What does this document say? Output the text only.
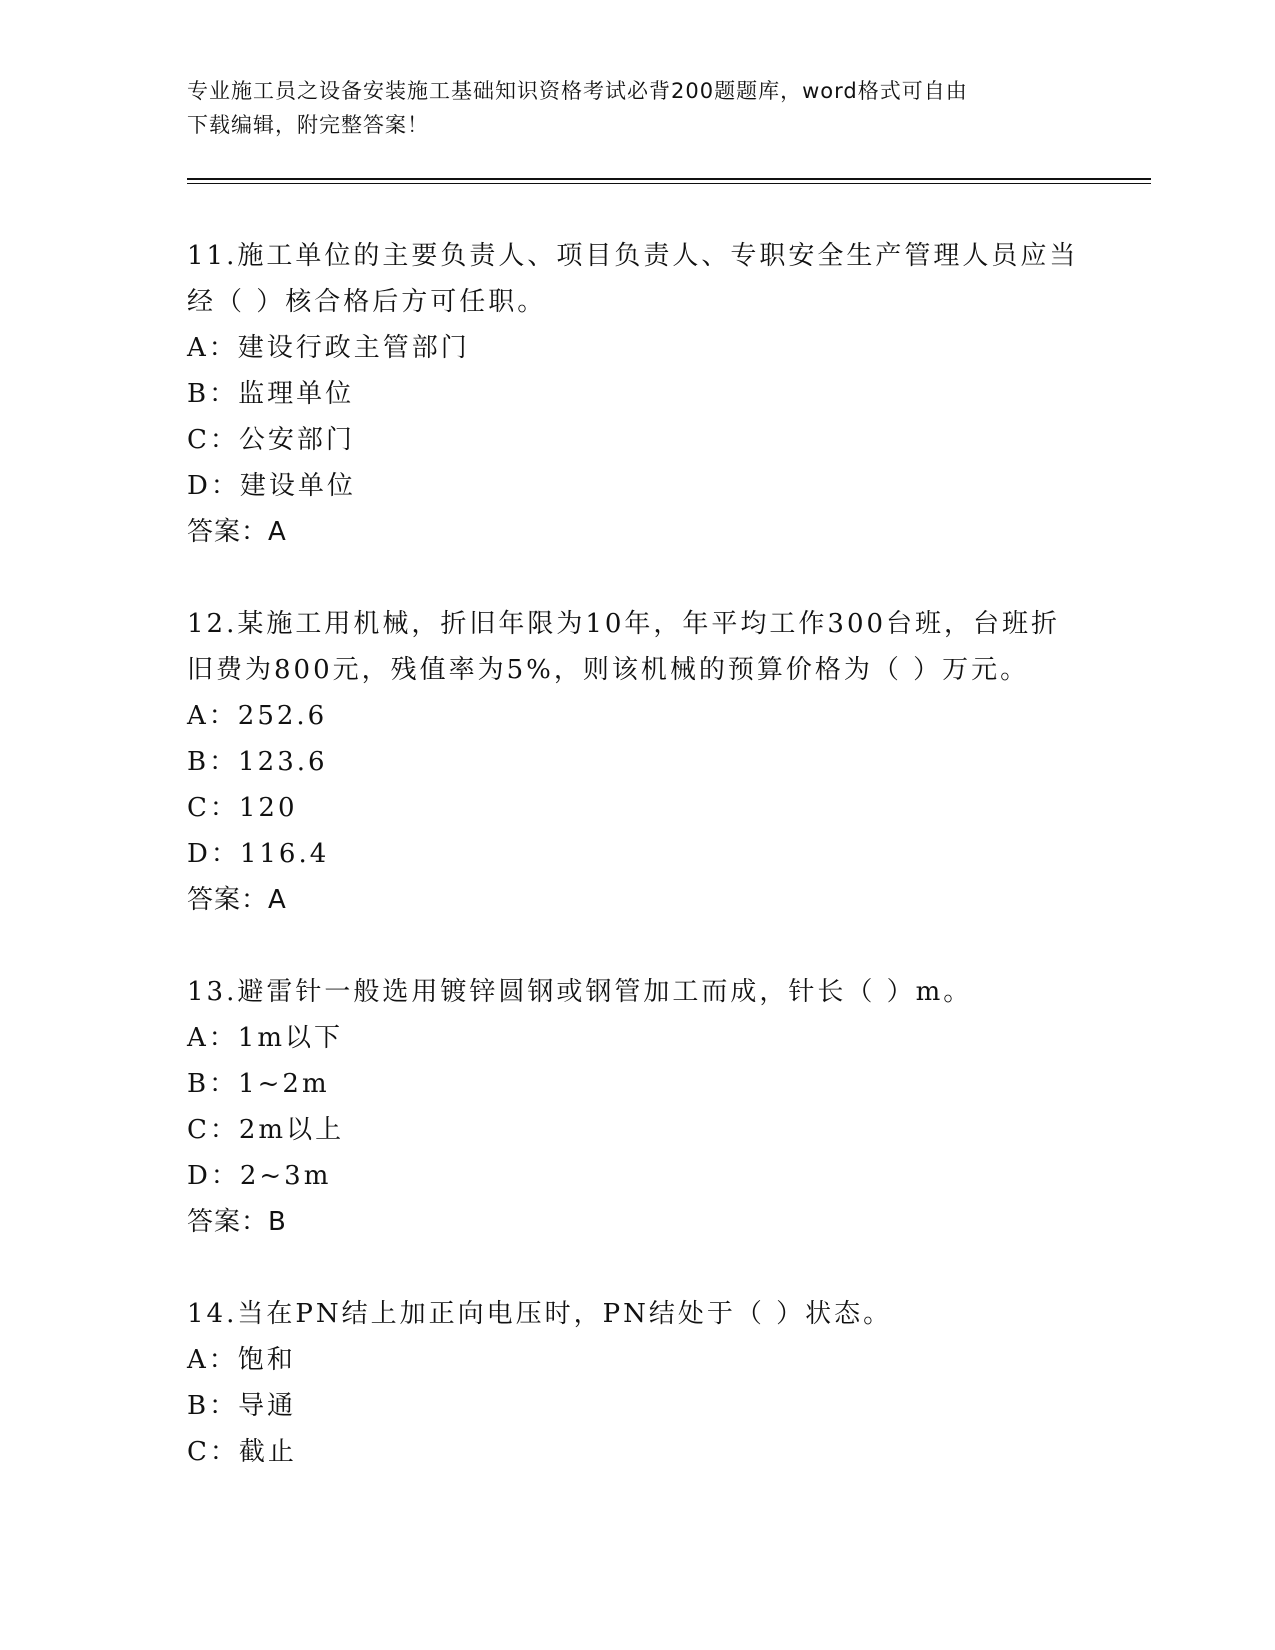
专业施工员之设备安装施工基础知识资格考试必背200题题库，word格式可自由
下载编辑，附完整答案！
11.施工单位的主要负责人、项目负责人、专职安全生产管理人员应当
经（ ）核合格后方可任职。
A：建设行政主管部门
B：监理单位
C：公安部门
D：建设单位
答案：A
12.某施工用机械，折旧年限为10年，年平均工作300台班，台班折
旧费为800元，残值率为5%，则该机械的预算价格为（ ）万元。
A：252.6
B：123.6
C：120
D：116.4
答案：A
13.避雷针一般选用镀锌圆钢或钢管加工而成，针长（ ）m。
A：1m以下
B：1~2m
C：2m以上
D：2~3m
答案：B
14.当在PN结上加正向电压时，PN结处于（ ）状态。
A：饱和
B：导通
C：截止
